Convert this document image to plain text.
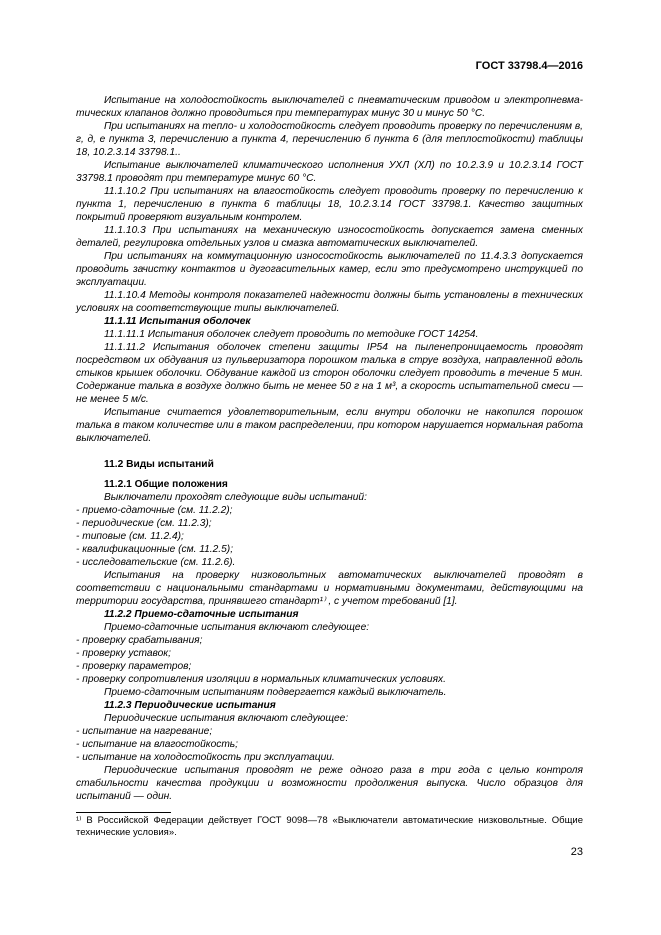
ГОСТ 33798.4—2016

Испытание на холодостойкость выключателей с пневматическим приводом и электропневма-тических клапанов должно проводиться при температурах минус 30 и минус 50 °С.

При испытаниях на тепло- и холодостойкость следует проводить проверку по перечислениям в, г, д, е пункта 3, перечислению а пункта 4, перечислению б пункта 6 (для теплостойкости) таблицы 18, 10.2.3.14 33798.1..

Испытание выключателей климатического исполнения УХЛ (ХЛ) по 10.2.3.9 и 10.2.3.14 ГОСТ 33798.1 проводят при температуре минус 60 °С.

11.1.10.2 При испытаниях на влагостойкость следует проводить проверку по перечислению к пункта 1, перечислению в пункта 6 таблицы 18, 10.2.3.14 ГОСТ 33798.1. Качество защитных покрытий проверяют визуальным контролем.

11.1.10.3 При испытаниях на механическую износостойкость допускается замена сменных деталей, регулировка отдельных узлов и смазка автоматических выключателей.

При испытаниях на коммутационную износостойкость выключателей по 11.4.3.3 допускается проводить зачистку контактов и дугогасительных камер, если это предусмотрено инструкцией по эксплуатации.

11.1.10.4 Методы контроля показателей надежности должны быть установлены в технических условиях на соответствующие типы выключателей.

11.1.11 Испытания оболочек

11.1.11.1 Испытания оболочек следует проводить по методике ГОСТ 14254.

11.1.11.2 Испытания оболочек степени защиты IP54 на пыленепроницаемость проводят посредством их обдувания из пульверизатора порошком талька в струе воздуха, направленной вдоль стыков крышек оболочки. Обдувание каждой из сторон оболочки следует проводить в течение 5 мин. Содержание талька в воздухе должно быть не менее 50 г на 1 м³, а скорость испытательной смеси — не менее 5 м/с.

Испытание считается удовлетворительным, если внутри оболочки не накопился порошок талька в таком количестве или в таком распределении, при котором нарушается нормальная работа выключателей.

11.2 Виды испытаний

11.2.1 Общие положения

Выключатели проходят следующие виды испытаний:

- приемо-сдаточные (см. 11.2.2);

- периодические (см. 11.2.3);

- типовые (см. 11.2.4);

- квалификационные (см. 11.2.5);

- исследовательские (см. 11.2.6).

Испытания на проверку низковольтных автоматических выключателей проводят в соответствии с национальными стандартами и нормативными документами, действующими на территории государства, принявшего стандарт¹⁾ , с учетом требований [1].

11.2.2 Приемо-сдаточные испытания

Приемо-сдаточные испытания включают следующее:

- проверку срабатывания;

- проверку уставок;

- проверку параметров;

- проверку сопротивления изоляции в нормальных климатических условиях.

Приемо-сдаточным испытаниям подвергается каждый выключатель.

11.2.3 Периодические испытания

Периодические испытания включают следующее:

- испытание на нагревание;

- испытание на влагостойкость;

- испытание на холодостойкость при эксплуатации.

Периодические испытания проводят не реже одного раза в три года с целью контроля стабильности качества продукции и возможности продолжения выпуска. Число образцов для испытаний — один.

¹⁾ В Российской Федерации действует ГОСТ 9098—78 «Выключатели автоматические низковольтные. Общие технические условия».
23
